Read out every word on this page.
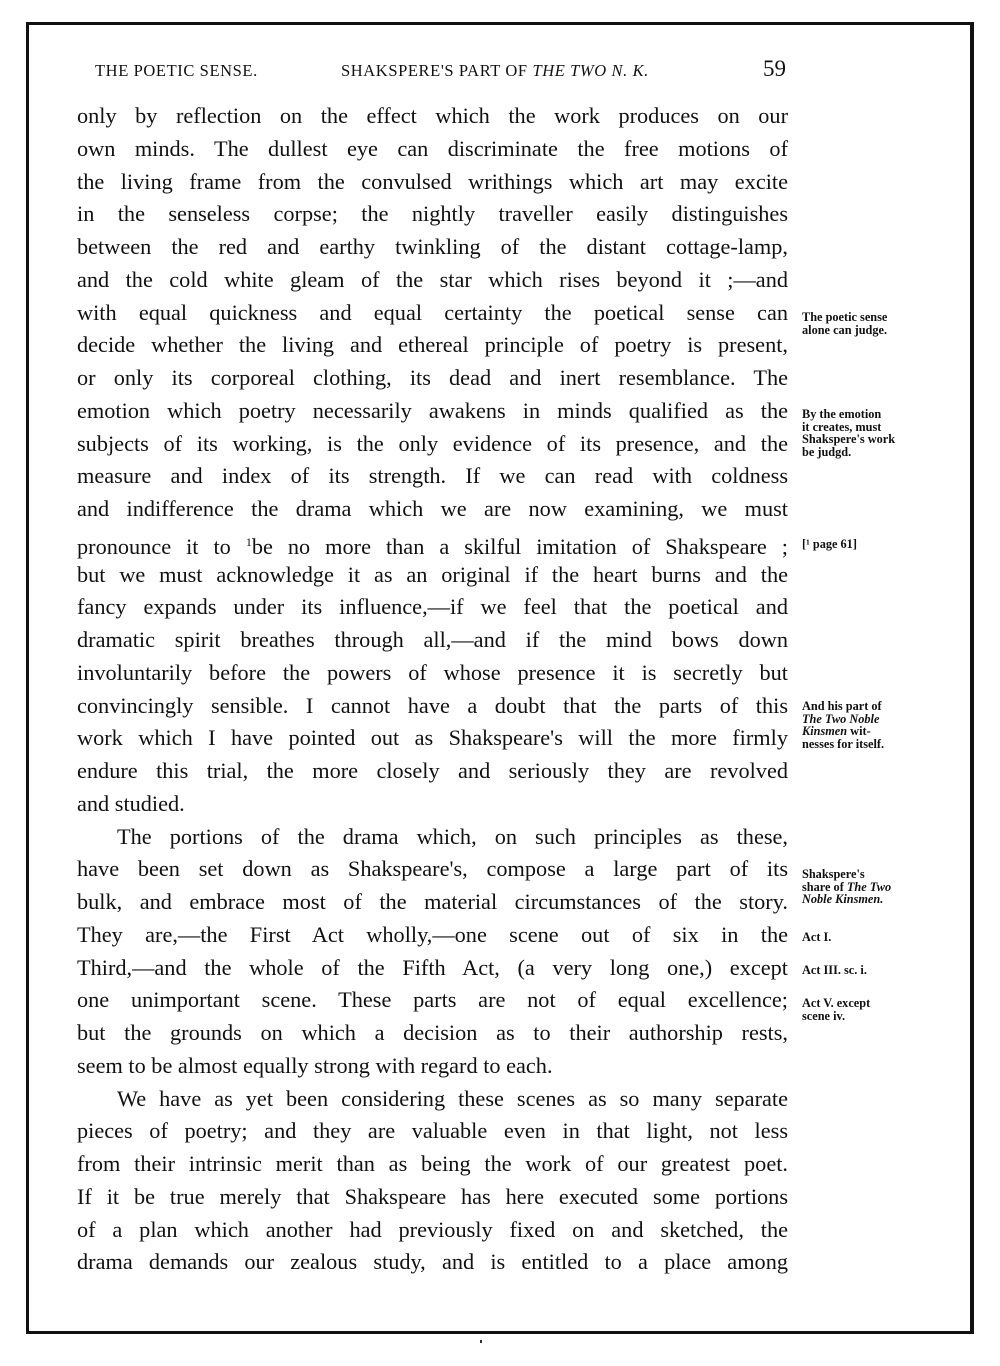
THE POETIC SENSE.	SHAKSPERE'S PART OF THE TWO N. K.	59
only by reflection on the effect which the work produces on our
own minds. The dullest eye can discriminate the free motions of
the living frame from the convulsed writhings which art may excite
in the senseless corpse; the nightly traveller easily distinguishes
between the red and earthy twinkling of the distant cottage-lamp,
and the cold white gleam of the star which rises beyond it ;—and
with equal quickness and equal certainty the poetical sense can
decide whether the living and ethereal principle of poetry is present,
or only its corporeal clothing, its dead and inert resemblance. The
emotion which poetry necessarily awakens in minds qualified as the
subjects of its working, is the only evidence of its presence, and the
measure and index of its strength. If we can read with coldness
and indifference the drama which we are now examining, we must
pronounce it to $^1$be no more than a skilful imitation of Shakspeare ;
but we must acknowledge it as an original if the heart burns and the
fancy expands under its influence,—if we feel that the poetical and
dramatic spirit breathes through all,—and if the mind bows down
involuntarily before the powers of whose presence it is secretly but
convincingly sensible. I cannot have a doubt that the parts of this
work which I have pointed out as Shakspeare's will the more firmly
endure this trial, the more closely and seriously they are revolved
and studied.
The portions of the drama which, on such principles as these,
have been set down as Shakspeare's, compose a large part of its
bulk, and embrace most of the material circumstances of the story.
They are,—the First Act wholly,—one scene out of six in the
Third,—and the whole of the Fifth Act, (a very long one,) except
one unimportant scene. These parts are not of equal excellence;
but the grounds on which a decision as to their authorship rests,
seem to be almost equally strong with regard to each.
We have as yet been considering these scenes as so many separate
pieces of poetry; and they are valuable even in that light, not less
from their intrinsic merit than as being the work of our greatest poet.
If it be true merely that Shakspeare has here executed some portions
of a plan which another had previously fixed on and sketched, the
drama demands our zealous study, and is entitled to a place among
The poetic sense
alone can judge.
By the emotion
it creates, must
Shakspere's work
be judgd.
[¹ page 61]
And his part of
The Two Noble
Kinsmen wit-
nesses for itself.
Shakspere's
share of The Two
Noble Kinsmen.
Act I.
Act III. sc. i.
Act V. except
scene iv.
